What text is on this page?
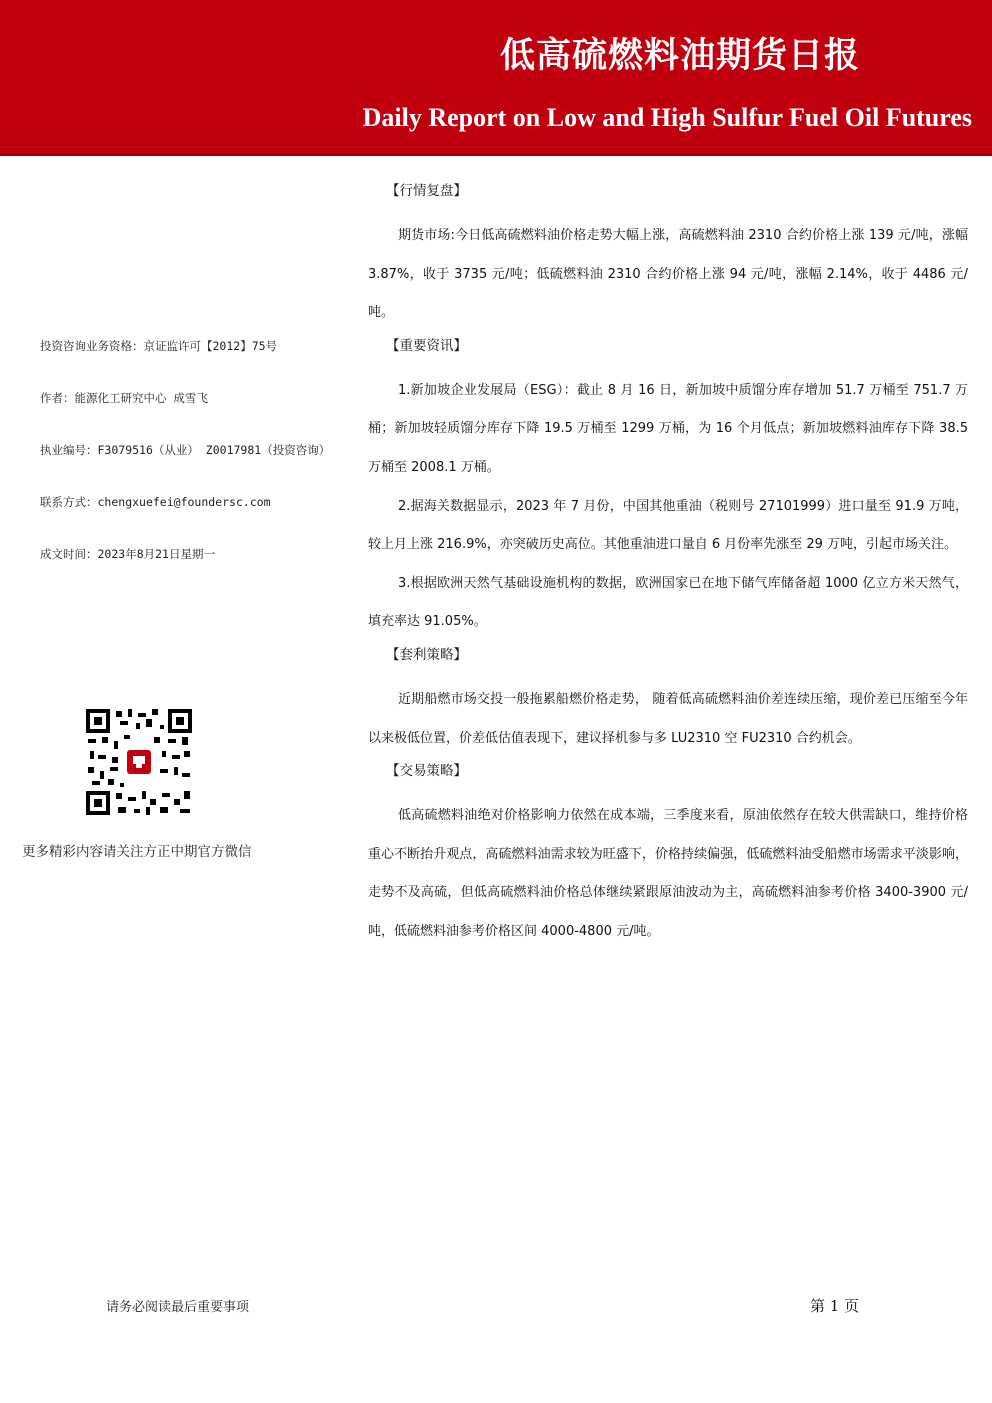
低高硫燃料油期货日报
Daily Report on Low and High Sulfur Fuel Oil Futures
投资咨询业务资格：京证监许可【2012】75号
作者：能源化工研究中心 成雪飞
执业编号：F3079516（从业） Z0017981（投资咨询）
联系方式：chengxuefei@foundersc.com
成文时间：2023年8月21日星期一
更多精彩内容请关注方正中期官方微信
【行情复盘】

期货市场:今日低高硫燃料油价格走势大幅上涨，高硫燃料油 2310 合约价格上涨 139 元/吨，涨幅 3.87%，收于 3735 元/吨；低硫燃料油 2310 合约价格上涨 94 元/吨，涨幅 2.14%，收于 4486 元/吨。

【重要资讯】

1.新加坡企业发展局（ESG）：截止 8 月 16 日，新加坡中质馏分库存增加 51.7 万桶至 751.7 万桶；新加坡轻质馏分库存下降 19.5 万桶至 1299 万桶，为 16 个月低点；新加坡燃料油库存下降 38.5 万桶至 2008.1 万桶。

2.据海关数据显示，2023 年 7 月份，中国其他重油（税则号 27101999）进口量至 91.9 万吨，较上月上涨 216.9%，亦突破历史高位。其他重油进口量自 6 月份率先涨至 29 万吨，引起市场关注。

3.根据欧洲天然气基础设施机构的数据，欧洲国家已在地下储气库储备超 1000 亿立方米天然气，填充率达 91.05%。

【套利策略】

近期船燃市场交投一般拖累船燃价格走势， 随着低高硫燃料油价差连续压缩，现价差已压缩至今年以来极低位置，价差低估值表现下，建议择机参与多 LU2310 空 FU2310 合约机会。

【交易策略】

低高硫燃料油绝对价格影响力依然在成本端，三季度来看，原油依然存在较大供需缺口，维持价格重心不断抬升观点，高硫燃料油需求较为旺盛下，价格持续偏强，低硫燃料油受船燃市场需求平淡影响，走势不及高硫，但低高硫燃料油价格总体继续紧跟原油波动为主，高硫燃料油参考价格 3400-3900 元/吨，低硫燃料油参考价格区间 4000-4800 元/吨。

请务必阅读最后重要事项	第 1 页
